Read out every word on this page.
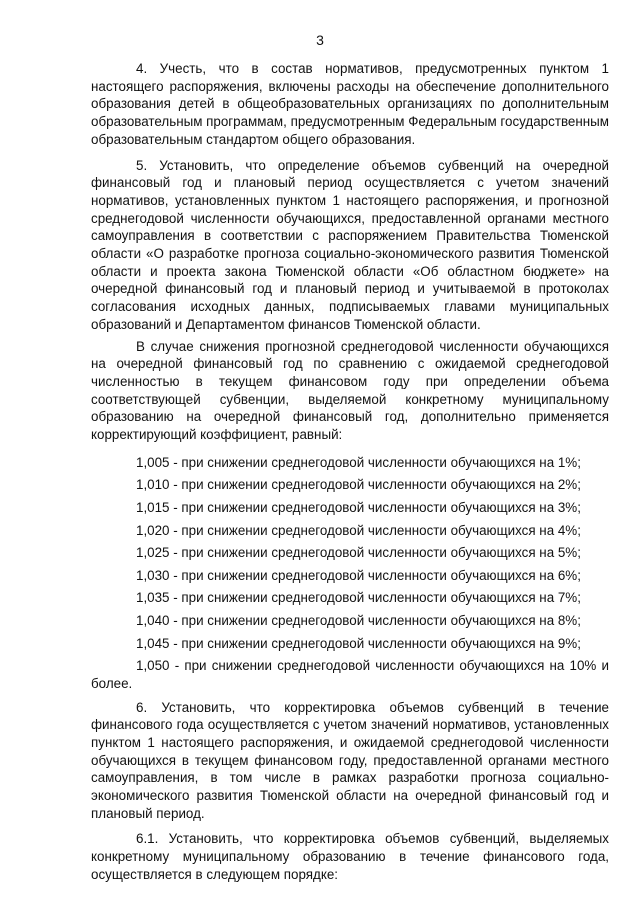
3

4. Учесть, что в состав нормативов, предусмотренных пунктом 1 настоящего распоряжения, включены расходы на обеспечение дополнительного образования детей в общеобразовательных организациях по дополнительным образовательным программам, предусмотренным Федеральным государственным образовательным стандартом общего образования.

5. Установить, что определение объемов субвенций на очередной финансовый год и плановый период осуществляется с учетом значений нормативов, установленных пунктом 1 настоящего распоряжения, и прогнозной среднегодовой численности обучающихся, предоставленной органами местного самоуправления в соответствии с распоряжением Правительства Тюменской области «О разработке прогноза социально-экономического развития Тюменской области и проекта закона Тюменской области «Об областном бюджете» на очередной финансовый год и плановый период и учитываемой в протоколах согласования исходных данных, подписываемых главами муниципальных образований и Департаментом финансов Тюменской области.

В случае снижения прогнозной среднегодовой численности обучающихся на очередной финансовый год по сравнению с ожидаемой среднегодовой численностью в текущем финансовом году при определении объема соответствующей субвенции, выделяемой конкретному муниципальному образованию на очередной финансовый год, дополнительно применяется корректирующий коэффициент, равный:

1,005 - при снижении среднегодовой численности обучающихся на 1%;

1,010 - при снижении среднегодовой численности обучающихся на 2%;

1,015 - при снижении среднегодовой численности обучающихся на 3%;

1,020 - при снижении среднегодовой численности обучающихся на 4%;

1,025 - при снижении среднегодовой численности обучающихся на 5%;

1,030 - при снижении среднегодовой численности обучающихся на 6%;

1,035 - при снижении среднегодовой численности обучающихся на 7%;

1,040 - при снижении среднегодовой численности обучающихся на 8%;

1,045 - при снижении среднегодовой численности обучающихся на 9%;

1,050 - при снижении среднегодовой численности обучающихся на 10% и более.

6. Установить, что корректировка объемов субвенций в течение финансового года осуществляется с учетом значений нормативов, установленных пунктом 1 настоящего распоряжения, и ожидаемой среднегодовой численности обучающихся в текущем финансовом году, предоставленной органами местного самоуправления, в том числе в рамках разработки прогноза социально-экономического развития Тюменской области на очередной финансовый год и плановый период.

6.1. Установить, что корректировка объемов субвенций, выделяемых конкретному муниципальному образованию в течение финансового года, осуществляется в следующем порядке:
